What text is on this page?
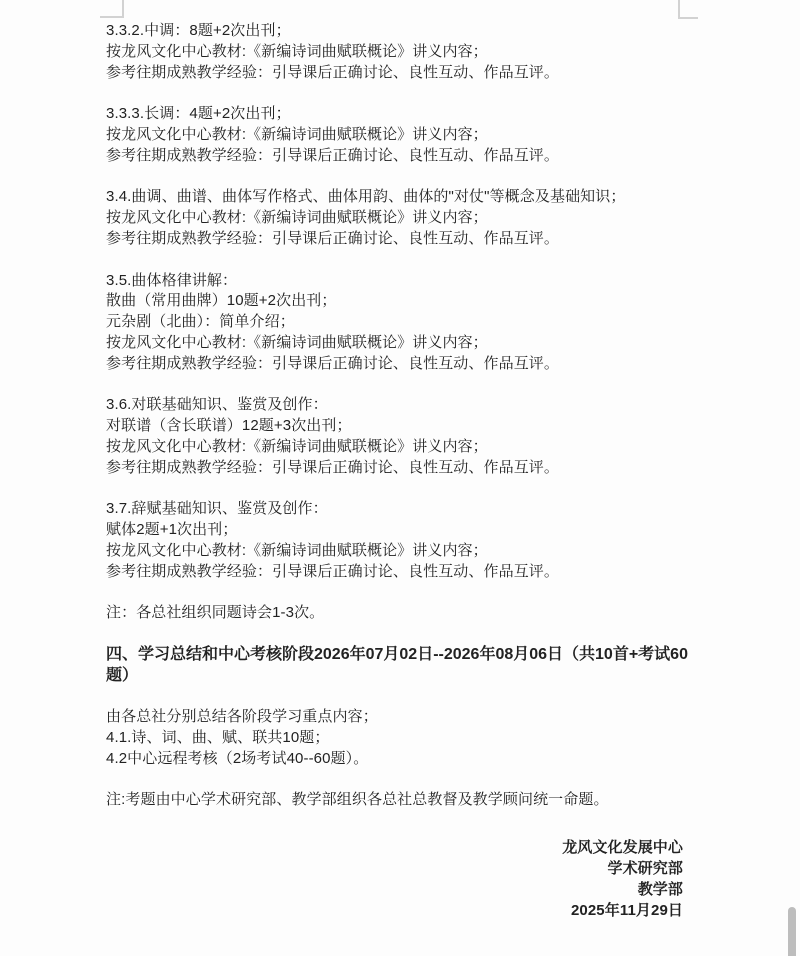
3.3.2.中调：8题+2次出刊；
按龙风文化中心教材:《新编诗词曲赋联概论》讲义内容；
参考往期成熟教学经验：引导课后正确讨论、良性互动、作品互评。
3.3.3.长调：4题+2次出刊；
按龙风文化中心教材:《新编诗词曲赋联概论》讲义内容；
参考往期成熟教学经验：引导课后正确讨论、良性互动、作品互评。
3.4.曲调、曲谱、曲体写作格式、曲体用韵、曲体的"对仗"等概念及基础知识；
按龙风文化中心教材:《新编诗词曲赋联概论》讲义内容；
参考往期成熟教学经验：引导课后正确讨论、良性互动、作品互评。
3.5.曲体格律讲解：
散曲（常用曲牌）10题+2次出刊；
元杂剧（北曲）：简单介绍；
按龙风文化中心教材:《新编诗词曲赋联概论》讲义内容；
参考往期成熟教学经验：引导课后正确讨论、良性互动、作品互评。
3.6.对联基础知识、鉴赏及创作：
对联谱（含长联谱）12题+3次出刊；
按龙风文化中心教材:《新编诗词曲赋联概论》讲义内容；
参考往期成熟教学经验：引导课后正确讨论、良性互动、作品互评。
3.7.辞赋基础知识、鉴赏及创作：
赋体2题+1次出刊；
按龙风文化中心教材:《新编诗词曲赋联概论》讲义内容；
参考往期成熟教学经验：引导课后正确讨论、良性互动、作品互评。
注：各总社组织同题诗会1-3次。
四、学习总结和中心考核阶段2026年07月02日--2026年08月06日（共10首+考试60
题）
由各总社分别总结各阶段学习重点内容；
4.1.诗、词、曲、赋、联共10题；
4.2中心远程考核（2场考试40--60题）。
注:考题由中心学术研究部、教学部组织各总社总教督及教学顾问统一命题。
龙风文化发展中心
学术研究部
教学部
2025年11月29日
